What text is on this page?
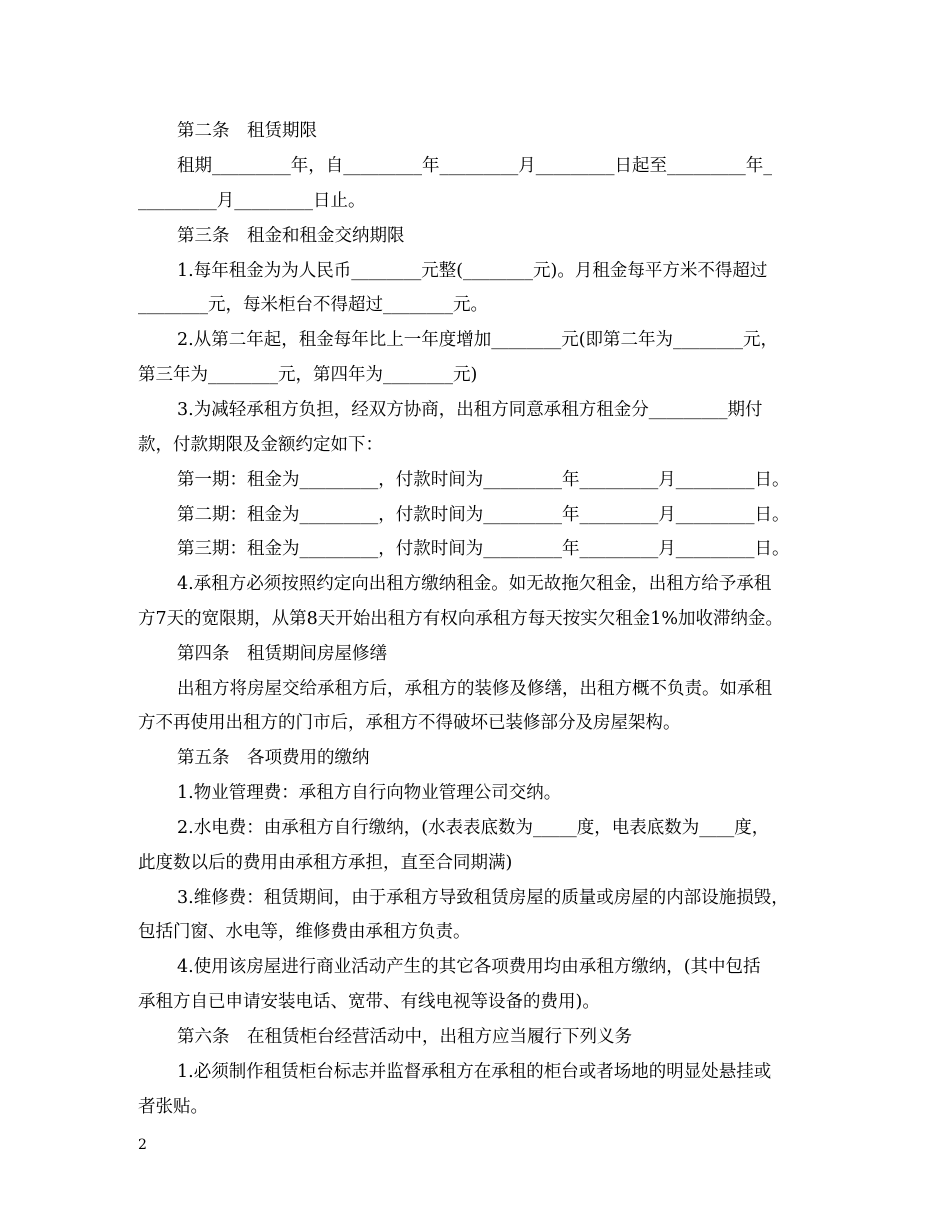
第二条　租赁期限
租期_________年，自_________年_________月_________日起至_________年_
_________月_________日止。
第三条　租金和租金交纳期限
1.每年租金为为人民币________元整(________元)。月租金每平方米不得超过
________元，每米柜台不得超过________元。
2.从第二年起，租金每年比上一年度增加________元(即第二年为________元，
第三年为________元，第四年为________元)
3.为减轻承租方负担，经双方协商，出租方同意承租方租金分_________期付
款，付款期限及金额约定如下：
第一期：租金为_________，付款时间为_________年_________月_________日。
第二期：租金为_________，付款时间为_________年_________月_________日。
第三期：租金为_________，付款时间为_________年_________月_________日。
4.承租方必须按照约定向出租方缴纳租金。如无故拖欠租金，出租方给予承租
方7天的宽限期，从第8天开始出租方有权向承租方每天按实欠租金1%加收滞纳金。
第四条　租赁期间房屋修缮
出租方将房屋交给承租方后，承租方的装修及修缮，出租方概不负责。如承租
方不再使用出租方的门市后，承租方不得破坏已装修部分及房屋架构。
第五条　各项费用的缴纳
1.物业管理费：承租方自行向物业管理公司交纳。
2.水电费：由承租方自行缴纳，(水表表底数为_____度，电表底数为____度，
此度数以后的费用由承租方承担，直至合同期满)
3.维修费：租赁期间，由于承租方导致租赁房屋的质量或房屋的内部设施损毁，
包括门窗、水电等，维修费由承租方负责。
4.使用该房屋进行商业活动产生的其它各项费用均由承租方缴纳，(其中包括
承租方自已申请安装电话、宽带、有线电视等设备的费用)。
第六条　在租赁柜台经营活动中，出租方应当履行下列义务
1.必须制作租赁柜台标志并监督承租方在承租的柜台或者场地的明显处悬挂或
者张贴。
2
